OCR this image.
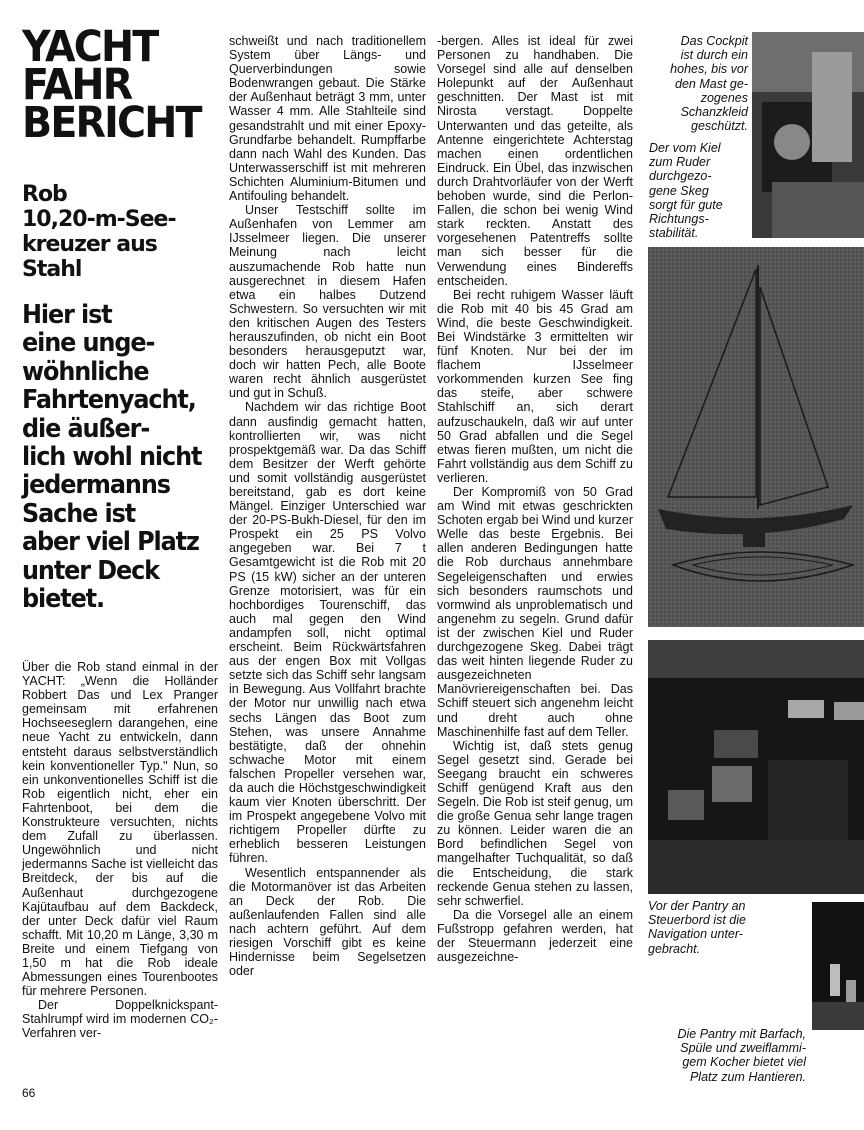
YACHT
FAHR
BERICHT
Rob
10,20-m-See-
kreuzer aus
Stahl
Hier ist
eine unge-
wöhnliche
Fahrtenyacht,
die äußer-
lich wohl nicht
jedermanns
Sache ist
aber viel Platz
unter Deck
bietet.

Über die Rob stand einmal in der YACHT: „Wenn die Holländer Robbert Das und Lex Pranger gemeinsam mit erfahrenen Hochseeseglern darangehen, eine neue Yacht zu entwickeln, dann entsteht daraus selbstverständlich kein konventioneller Typ." Nun, so ein unkonventionelles Schiff ist die Rob eigentlich nicht, eher ein Fahrtenboot, bei dem die Konstrukteure versuchten, nichts dem Zufall zu überlassen. Ungewöhnlich und nicht jedermanns Sache ist vielleicht das Breitdeck, der bis auf die Außenhaut durchgezogene Kajütaufbau auf dem Backdeck, der unter Deck dafür viel Raum schafft. Mit 10,20 m Länge, 3,30 m Breite und einem Tiefgang von 1,50 m hat die Rob ideale Abmessungen eines Tourenbootes für mehrere Personen.

Der Doppelknickspant-Stahlrumpf wird im modernen CO₂-Verfahren ver-

schweißt und nach traditionellem System über Längs- und Querverbindungen sowie Bodenwrangen gebaut. Die Stärke der Außenhaut beträgt 3 mm, unter Wasser 4 mm. Alle Stahlteile sind gesandstrahlt und mit einer Epoxy-Grundfarbe behandelt. Rumpffarbe dann nach Wahl des Kunden. Das Unterwasserschiff ist mit mehreren Schichten Aluminium-Bitumen und Antifouling behandelt.

Unser Testschiff sollte im Außenhafen von Lemmer am IJsselmeer liegen. Die unserer Meinung nach leicht auszumachende Rob hatte nun ausgerechnet in diesem Hafen etwa ein halbes Dutzend Schwestern. So versuchten wir mit den kritischen Augen des Testers herauszufinden, ob nicht ein Boot besonders herausgeputzt war, doch wir hatten Pech, alle Boote waren recht ähnlich ausgerüstet und gut in Schuß.

Nachdem wir das richtige Boot dann ausfindig gemacht hatten, kontrollierten wir, was nicht prospektgemäß war. Da das Schiff dem Besitzer der Werft gehörte und somit vollständig ausgerüstet bereitstand, gab es dort keine Mängel. Einziger Unterschied war der 20-PS-Bukh-Diesel, für den im Prospekt ein 25 PS Volvo angegeben war. Bei 7 t Gesamtgewicht ist die Rob mit 20 PS (15 kW) sicher an der unteren Grenze motorisiert, was für ein hochbordiges Tourenschiff, das auch mal gegen den Wind andampfen soll, nicht optimal erscheint. Beim Rückwärtsfahren aus der engen Box mit Vollgas setzte sich das Schiff sehr langsam in Bewegung. Aus Vollfahrt brachte der Motor nur unwillig nach etwa sechs Längen das Boot zum Stehen, was unsere Annahme bestätigte, daß der ohnehin schwache Motor mit einem falschen Propeller versehen war, da auch die Höchstgeschwindigkeit kaum vier Knoten überschritt. Der im Prospekt angegebene Volvo mit richtigem Propeller dürfte zu erheblich besseren Leistungen führen.

Wesentlich entspannender als die Motormanöver ist das Arbeiten an Deck der Rob. Die außenlaufenden Fallen sind alle nach achtern geführt. Auf dem riesigen Vorschiff gibt es keine Hindernisse beim Segelsetzen oder

-bergen. Alles ist ideal für zwei Personen zu handhaben. Die Vorsegel sind alle auf denselben Holepunkt auf der Außenhaut geschnitten. Der Mast ist mit Nirosta verstagt. Doppelte Unterwanten und das geteilte, als Antenne eingerichtete Achterstag machen einen ordentlichen Eindruck. Ein Übel, das inzwischen durch Drahtvorläufer von der Werft behoben wurde, sind die Perlon-Fallen, die schon bei wenig Wind stark reckten. Anstatt des vorgesehenen Patentreffs sollte man sich besser für die Verwendung eines Bindereffs entscheiden.

Bei recht ruhigem Wasser läuft die Rob mit 40 bis 45 Grad am Wind, die beste Geschwindigkeit. Bei Windstärke 3 ermittelten wir fünf Knoten. Nur bei der im flachem IJsselmeer vorkommenden kurzen See fing das steife, aber schwere Stahlschiff an, sich derart aufzuschaukeln, daß wir auf unter 50 Grad abfallen und die Segel etwas fieren mußten, um nicht die Fahrt vollständig aus dem Schiff zu verlieren.

Der Kompromiß von 50 Grad am Wind mit etwas geschrickten Schoten ergab bei Wind und kurzer Welle das beste Ergebnis. Bei allen anderen Bedingungen hatte die Rob durchaus annehmbare Segeleigenschaften und erwies sich besonders raumschots und vormwind als unproblematisch und angenehm zu segeln. Grund dafür ist der zwischen Kiel und Ruder durchgezogene Skeg. Dabei trägt das weit hinten liegende Ruder zu ausgezeichneten Manövriereigenschaften bei. Das Schiff steuert sich angenehm leicht und dreht auch ohne Maschinenhilfe fast auf dem Teller.

Wichtig ist, daß stets genug Segel gesetzt sind. Gerade bei Seegang braucht ein schweres Schiff genügend Kraft aus den Segeln. Die Rob ist steif genug, um die große Genua sehr lange tragen zu können. Leider waren die an Bord befindlichen Segel von mangelhafter Tuchqualität, so daß die Entscheidung, die stark reckende Genua stehen zu lassen, sehr schwerfiel.

Da die Vorsegel alle an einem Fußstropp gefahren werden, hat der Steuermann jederzeit eine ausgezeichne-

Das Cockpit
ist durch ein
hohes, bis vor
den Mast ge-
zogenes
Schanzkleid
geschützt.
Der vom Kiel
zum Ruder
durchgezo-
gene Skeg
sorgt für gute
Richtungs-
stabilität.
Vor der Pantry an
Steuerbord ist die
Navigation unter-
gebracht.
Die Pantry mit Barfach,
Spüle und zweiflammi-
gem Kocher bietet viel
Platz zum Hantieren.
66
